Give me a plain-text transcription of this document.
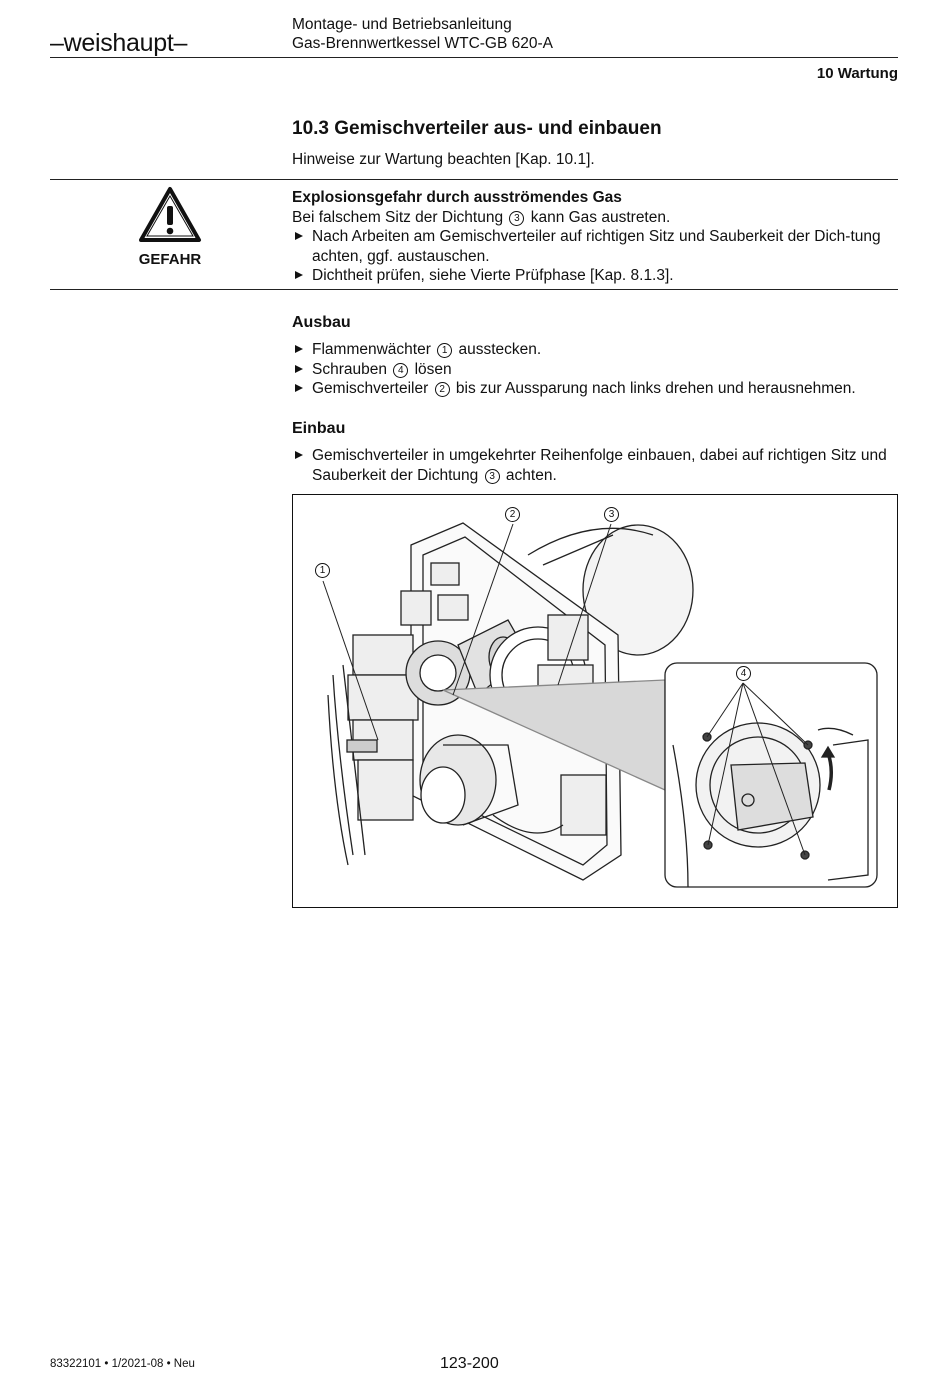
–weishaupt–
Montage- und Betriebsanleitung
Gas-Brennwertkessel WTC-GB 620-A
10 Wartung
10.3 Gemischverteiler aus- und einbauen
Hinweise zur Wartung beachten [Kap. 10.1].
GEFAHR
Explosionsgefahr durch ausströmendes Gas
Bei falschem Sitz der Dichtung 3 kann Gas austreten.
Nach Arbeiten am Gemischverteiler auf richtigen Sitz und Sauberkeit der Dich-tung achten, ggf. austauschen.
Dichtheit prüfen, siehe Vierte Prüfphase [Kap. 8.1.3].
Ausbau
Flammenwächter 1 ausstecken.
Schrauben 4 lösen
Gemischverteiler 2 bis zur Aussparung nach links drehen und herausnehmen.
Einbau
Gemischverteiler in umgekehrter Reihenfolge einbauen, dabei auf richtigen Sitz und Sauberkeit der Dichtung 3 achten.
1
2	3
4
83322101 • 1/2021-08 • Neu	123-200
